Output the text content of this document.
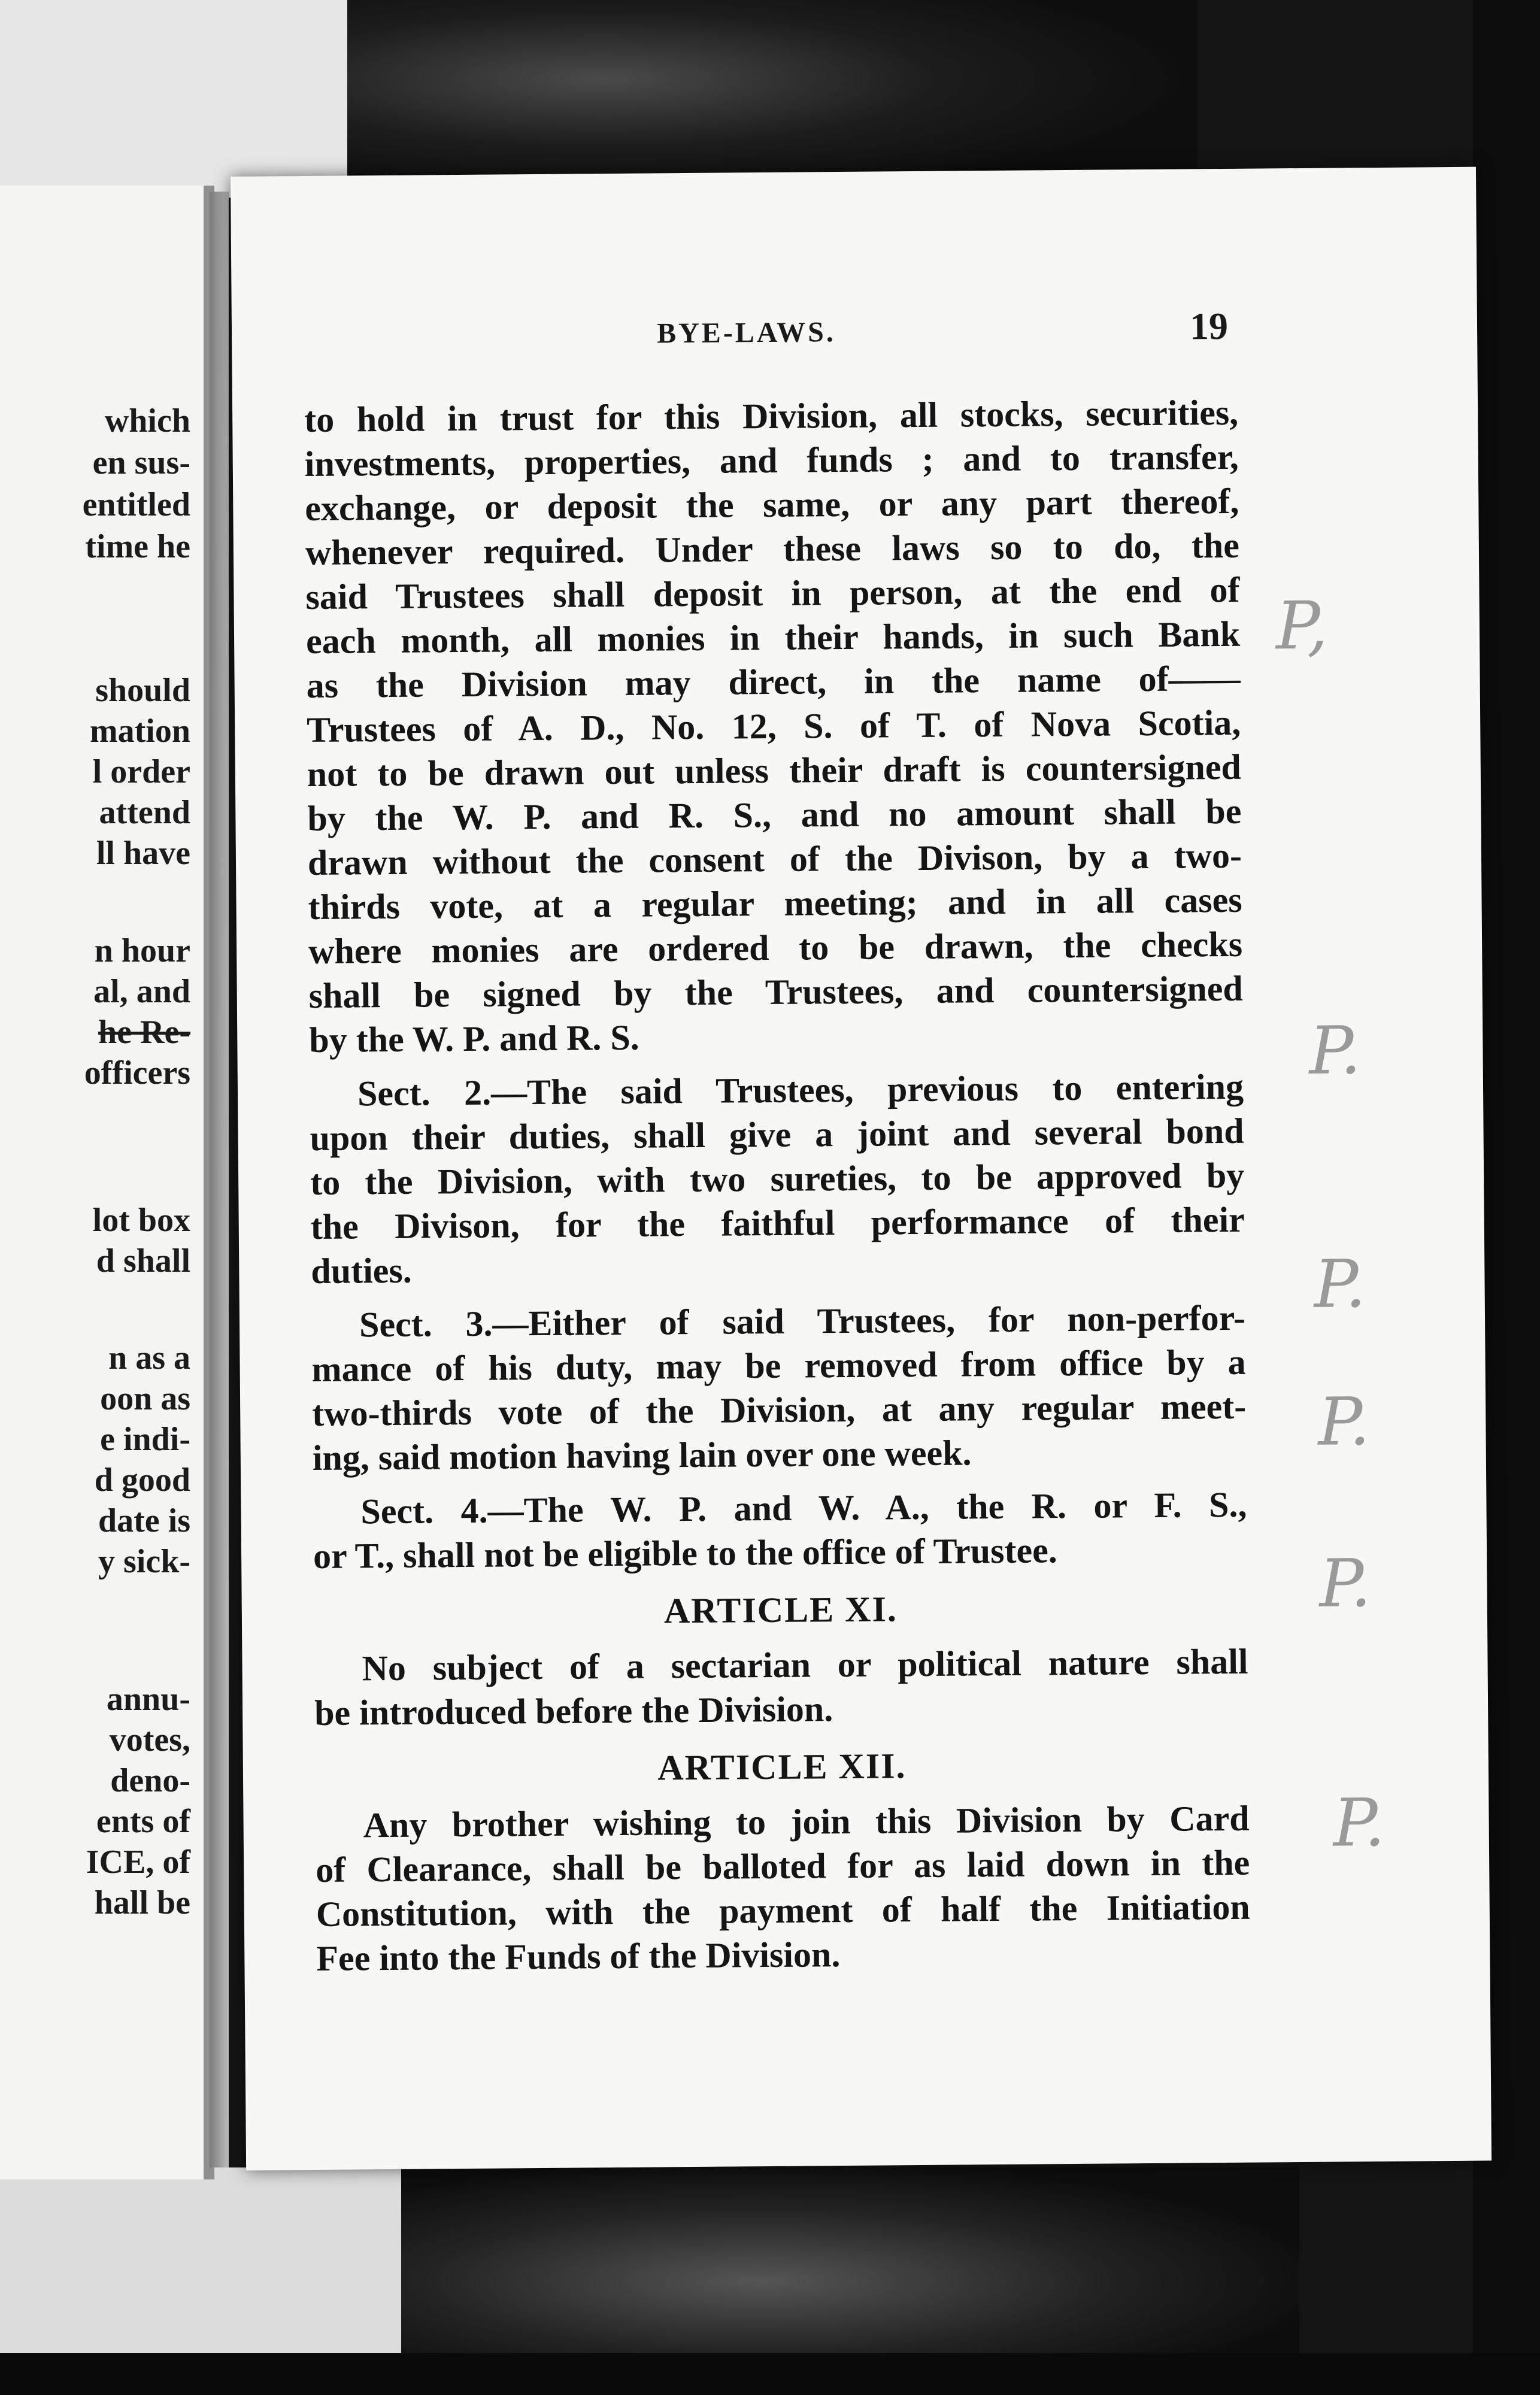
which
en sus-
entitled
time he
should
mation
l order
attend
ll have
n hour
al, and
he Re-
officers
lot box
d shall
n as a
oon as
e indi-
d good
date is
y sick-
annu-
votes,
deno-
ents of
ICE, of
hall be
BYE-LAWS.	19
to hold in trust for this Division, all stocks, securities,
investments, properties, and funds ; and to transfer,
exchange, or deposit the same, or any part thereof,
whenever required. Under these laws so to do, the
said Trustees shall deposit in person, at the end of
each month, all monies in their hands, in such Bank
as the Division may direct, in the name of——
Trustees of A. D., No. 12, S. of T. of Nova Scotia,
not to be drawn out unless their draft is countersigned
by the W. P. and R. S., and no amount shall be
drawn without the consent of the Divison, by a two-
thirds vote, at a regular meeting; and in all cases
where monies are ordered to be drawn, the checks
shall be signed by the Trustees, and countersigned
by the W. P. and R. S.
Sect. 2.—The said Trustees, previous to entering
upon their duties, shall give a joint and several bond
to the Division, with two sureties, to be approved by
the Divison, for the faithful performance of their
duties.
Sect. 3.—Either of said Trustees, for non-perfor-
mance of his duty, may be removed from office by a
two-thirds vote of the Division, at any regular meet-
ing, said motion having lain over one week.
Sect. 4.—The W. P. and W. A., the R. or F. S.,
or T., shall not be eligible to the office of Trustee.
ARTICLE XI.
No subject of a sectarian or political nature shall
be introduced before the Division.
ARTICLE XII.
Any brother wishing to join this Division by Card
of Clearance, shall be balloted for as laid down in the
Constitution, with the payment of half the Initiation
Fee into the Funds of the Division.
P,
P.
P.
P.
P.
P.
